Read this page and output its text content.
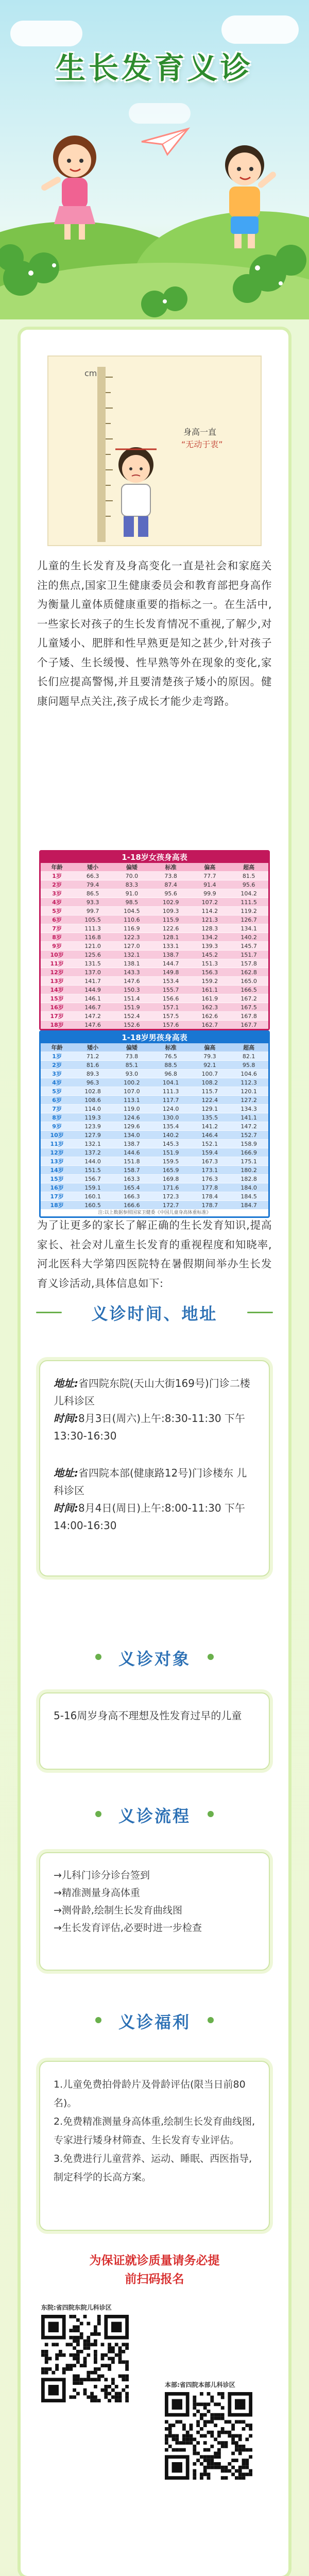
生长发育义诊
cm
身高一直
“无动于衷”

儿童的生长发育及身高变化一直是社会和家庭关注的焦点,国家卫生健康委员会和教育部把身高作为衡量儿童体质健康重要的指标之一。在生活中,一些家长对孩子的生长发育情况不重视,了解少,对儿童矮小、肥胖和性早熟更是知之甚少,针对孩子个子矮、生长缓慢、性早熟等外在现象的变化,家长们应提高警惕,并且要清楚孩子矮小的原因。健康问题早点关注,孩子成长才能少走弯路。

1-18岁女孩身高表
年龄	矮小	偏矮	标准	偏高	超高
1岁	66.3	70.0	73.8	77.7	81.5
2岁	79.4	83.3	87.4	91.4	95.6
3岁	86.5	91.0	95.6	99.9	104.2
4岁	93.3	98.5	102.9	107.2	111.5
5岁	99.7	104.5	109.3	114.2	119.2
6岁	105.5	110.6	115.9	121.3	126.7
7岁	111.3	116.9	122.6	128.3	134.1
8岁	116.8	122.3	128.1	134.2	140.2
9岁	121.0	127.0	133.1	139.3	145.7
10岁	125.6	132.1	138.7	145.2	151.7
11岁	131.5	138.1	144.7	151.3	157.8
12岁	137.0	143.3	149.8	156.3	162.8
13岁	141.7	147.6	153.4	159.2	165.0
14岁	144.9	150.3	155.7	161.1	166.5
15岁	146.1	151.4	156.6	161.9	167.2
16岁	146.7	151.9	157.1	162.3	167.5
17岁	147.2	152.4	157.5	162.6	167.8
18岁	147.6	152.6	157.6	162.7	167.7
1-18岁男孩身高表
年龄	矮小	偏矮	标准	偏高	超高
1岁	71.2	73.8	76.5	79.3	82.1
2岁	81.6	85.1	88.5	92.1	95.8
3岁	89.3	93.0	96.8	100.7	104.6
4岁	96.3	100.2	104.1	108.2	112.3
5岁	102.8	107.0	111.3	115.7	120.1
6岁	108.6	113.1	117.7	122.4	127.2
7岁	114.0	119.0	124.0	129.1	134.3
8岁	119.3	124.6	130.0	135.5	141.1
9岁	123.9	129.6	135.4	141.2	147.2
10岁	127.9	134.0	140.2	146.4	152.7
11岁	132.1	138.7	145.3	152.1	158.9
12岁	137.2	144.6	151.9	159.4	166.9
13岁	144.0	151.8	159.5	167.3	175.1
14岁	151.5	158.7	165.9	173.1	180.2
15岁	156.7	163.3	169.8	176.3	182.8
16岁	159.1	165.4	171.6	177.8	184.0
17岁	160.1	166.3	172.3	178.4	184.5
18岁	160.5	166.6	172.7	178.7	184.7
注:以上数据参照国家卫健委《中国儿童身高体重标准》

为了让更多的家长了解正确的生长发育知识,提高家长、社会对儿童生长发育的重视程度和知晓率,河北医科大学第四医院特在暑假期间举办生长发育义诊活动,具体信息如下:

义诊时间、地址
地址:省四院东院(天山大街169号)门诊二楼 儿科诊区
时间:8月3日(周六)上午:8:30-11:30 下午13:30-16:30
地址:省四院本部(健康路12号)门诊楼东 儿科诊区
时间:8月4日(周日)上午:8:00-11:30 下午14:00-16:30
义诊对象
5-16周岁身高不理想及性发育过早的儿童
义诊流程
→儿科门诊分诊台签到
→精准测量身高体重
→测骨龄,绘制生长发育曲线图
→生长发育评估,必要时进一步检查
义诊福利
1.儿童免费拍骨龄片及骨龄评估(限当日前80名)。
2.免费精准测量身高体重,绘制生长发育曲线图,专家进行矮身材筛查、生长发育专业评估。
3.免费进行儿童营养、运动、睡眠、西医指导,制定科学的长高方案。
为保证就诊质量请务必提
前扫码报名
东院:省四院东院儿科诊区
本部:省四院本部儿科诊区
